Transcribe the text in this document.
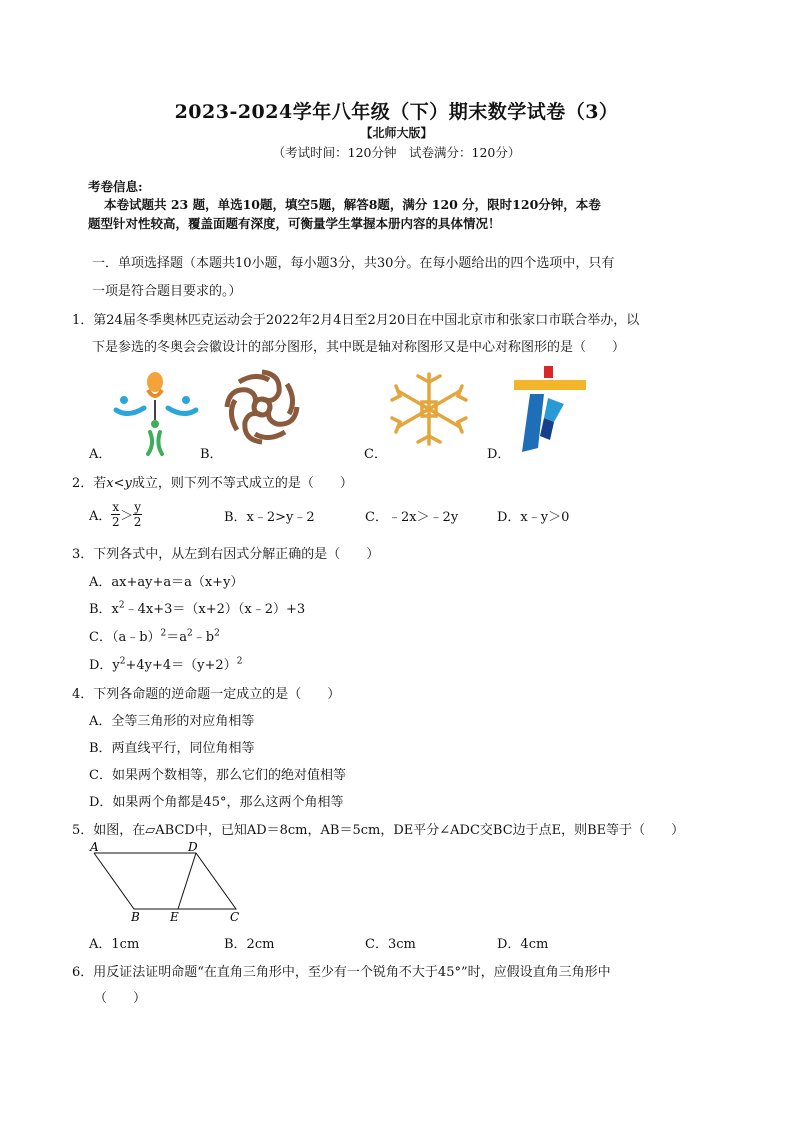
2023-2024学年八年级（下）期末数学试卷（3）
【北师大版】
（考试时间：120分钟　试卷满分：120分）
考卷信息:
本卷试题共 23 题，单选10题，填空5题，解答8题，满分 120 分，限时120分钟，本卷
题型针对性较高，覆盖面题有深度，可衡量学生掌握本册内容的具体情况！
一．单项选择题（本题共10小题，每小题3分，共30分。在每小题给出的四个选项中，只有
一项是符合题目要求的。）
1．第24届冬季奥林匹克运动会于2022年2月4日至2月20日在中国北京市和张家口市联合举办，以
下是参选的冬奥会会徽设计的部分图形，其中既是轴对称图形又是中心对称图形的是（　　）
A．	B．	C．	D．
2．若x<y成立，则下列不等式成立的是（　　）
A． $\frac{x}{2} > \frac{y}{2}$	B．x﹣2>y﹣2	C．﹣2x＞﹣2y	D．x﹣y＞0
3．下列各式中，从左到右因式分解正确的是（　　）
A．ax+ay+a＝a（x+y）
B．$x^2﹣4x+3=(x+2)(x﹣2)+3$
C．$(a﹣b)^2=a^2﹣b^2$
D．$y^2+4y+4=(y+2)^2$
4．下列各命题的逆命题一定成立的是（　　）
A．全等三角形的对应角相等
B．两直线平行，同位角相等
C．如果两个数相等，那么它们的绝对值相等
D．如果两个角都是45°，那么这两个角相等
5．如图，在▱ABCD中，已知AD＝8cm，AB＝5cm，DE平分∠ADC交BC边于点E，则BE等于（　　）
A	D
B	E	C
A．1cm	B．2cm	C．3cm	D．4cm
6．用反证法证明命题“在直角三角形中，至少有一个锐角不大于45°”时，应假设直角三角形中
（　　）
